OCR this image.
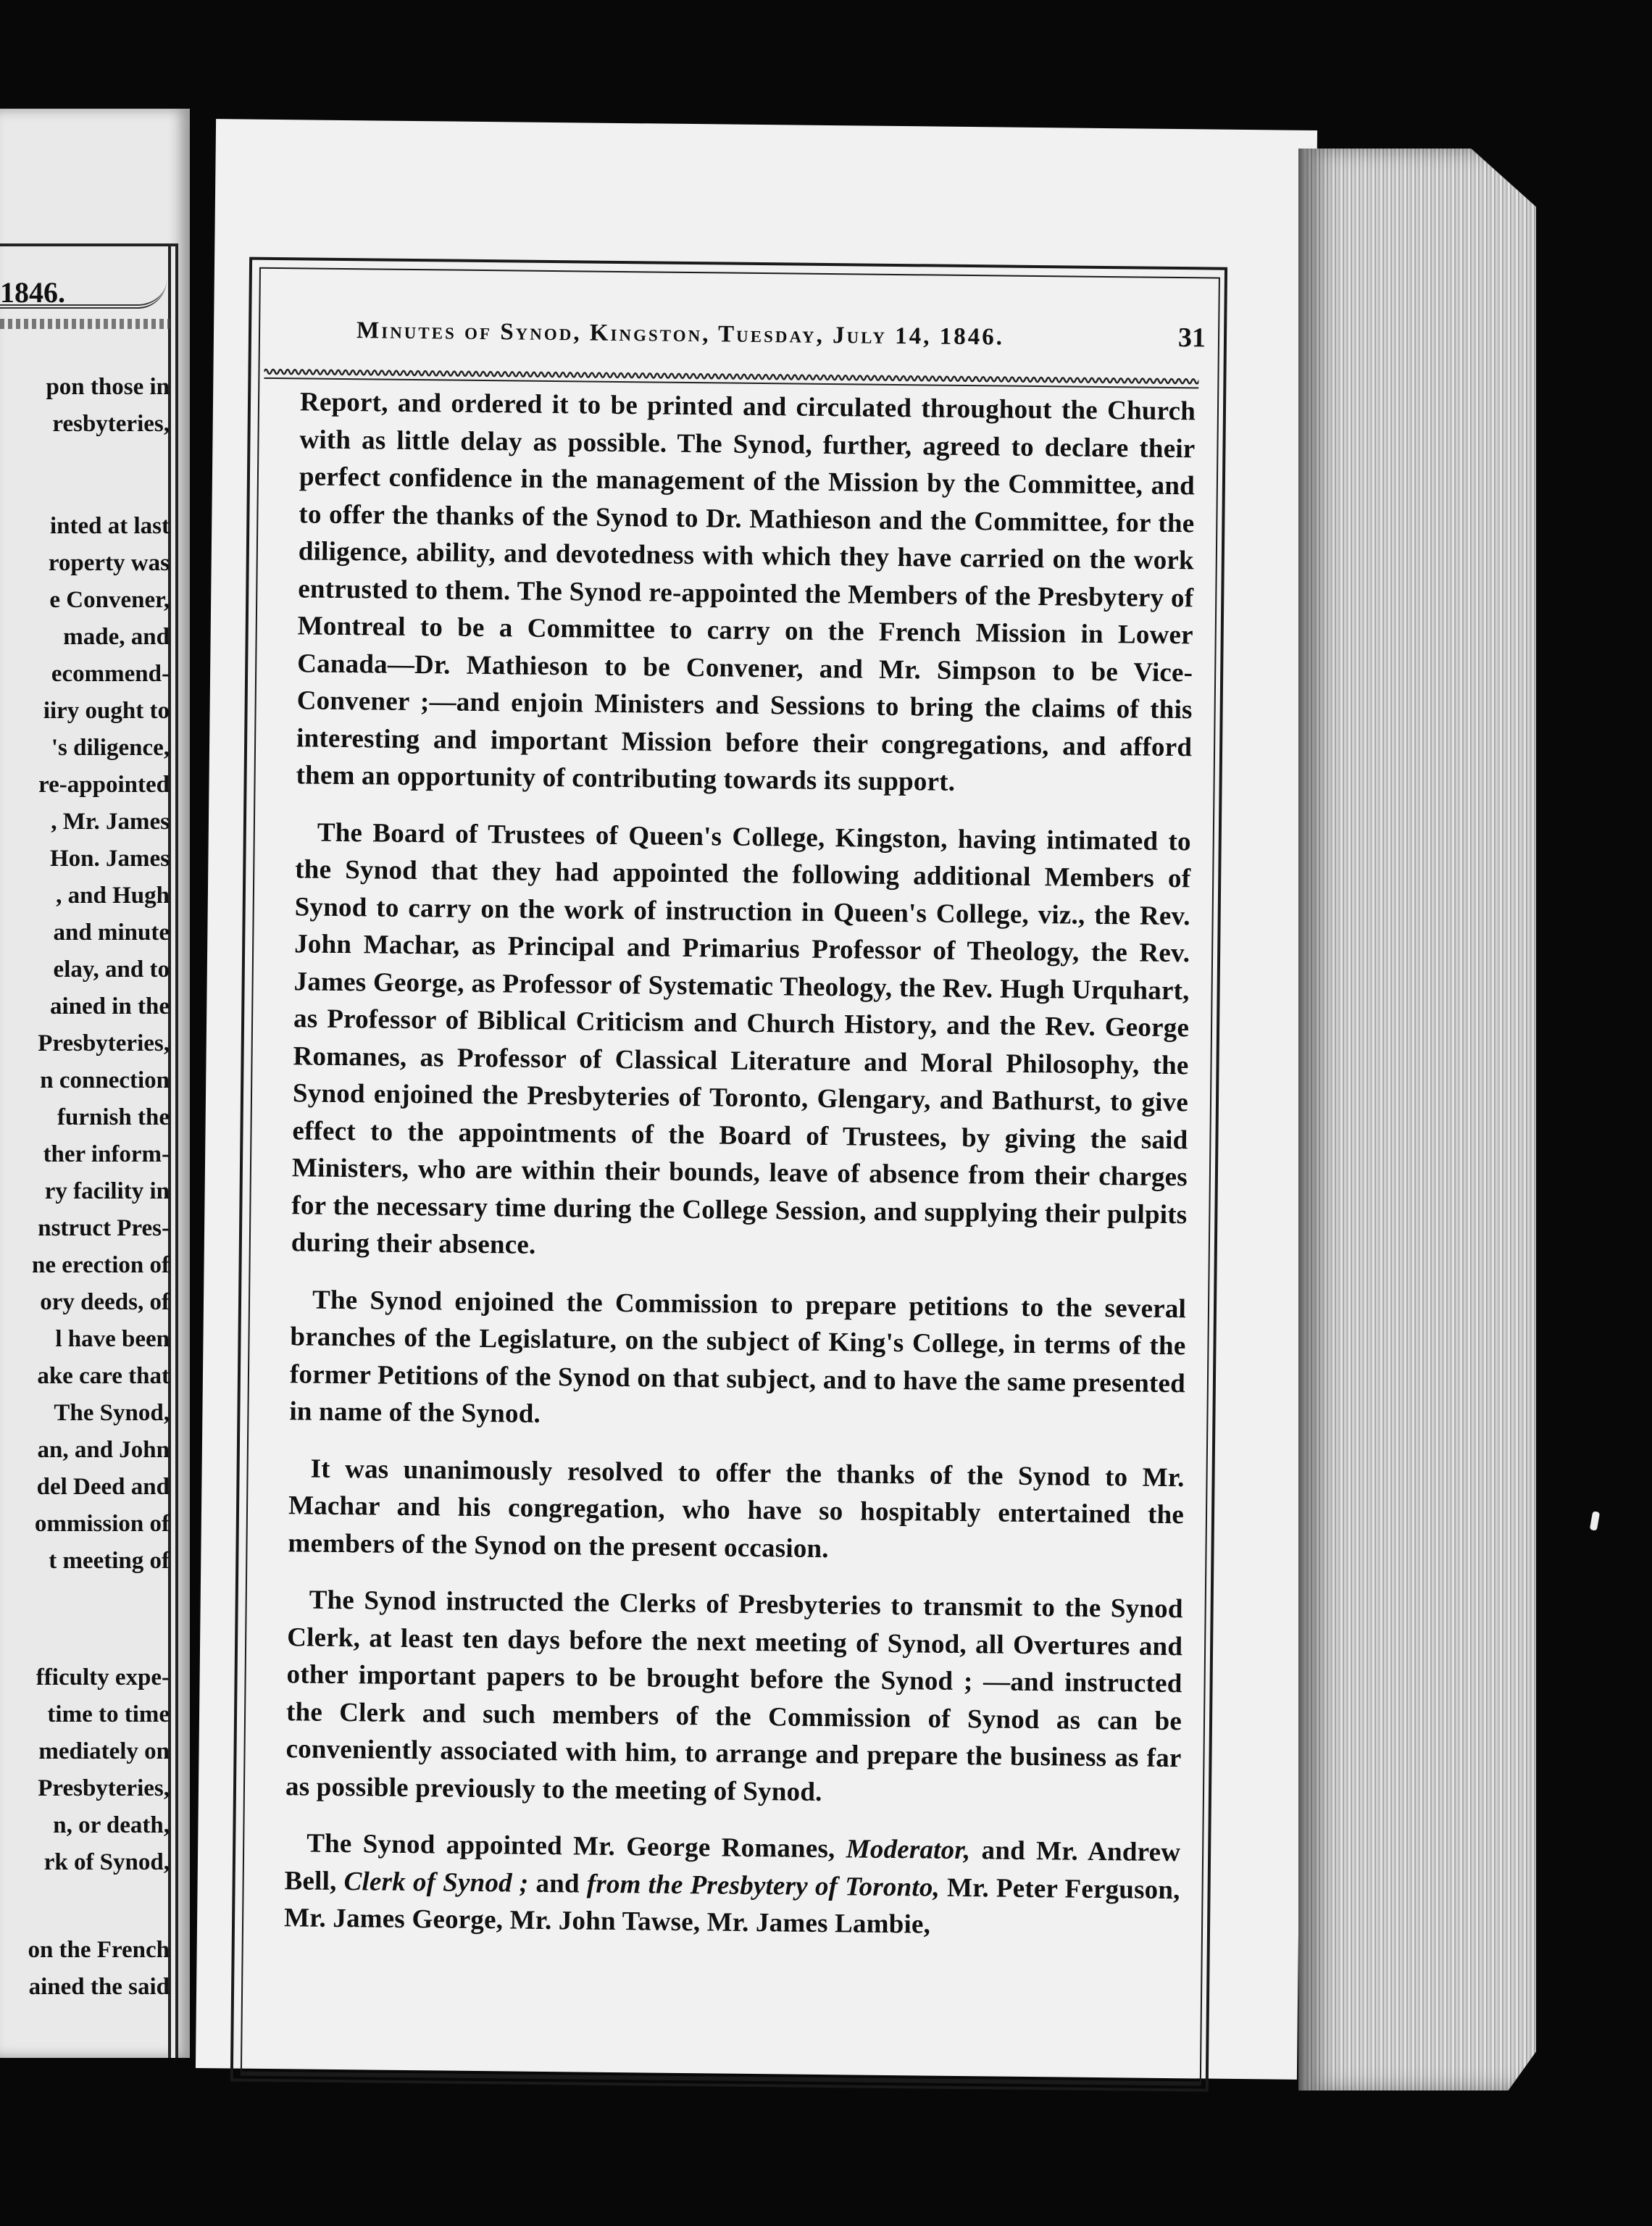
1846.
pon those in
resbyteries,
inted at last
roperty was
e Convener,
made, and
ecommend-
iiry ought to
's diligence,
re-appointed
, Mr. James
Hon. James
, and Hugh
and minute
elay, and to
ained in the
Presbyteries,
n connection
furnish the
ther inform-
ry facility in
nstruct Pres-
ne erection of
ory deeds, of
l have been
ake care that
The Synod,
an, and John
del Deed and
ommission of
t meeting of
fficulty expe-
time to time
mediately on
Presbyteries,
n, or death,
rk of Synod,
on the French
ained the said
Minutes of Synod, Kingston, Tuesday, July 14, 1846.	31

Report, and ordered it to be printed and circulated throughout the Church with as little delay as possible. The Synod, further, agreed to declare their perfect confidence in the management of the Mission by the Committee, and to offer the thanks of the Synod to Dr. Mathieson and the Committee, for the diligence, ability, and devotedness with which they have carried on the work entrusted to them. The Synod re-appointed the Members of the Presbytery of Montreal to be a Committee to carry on the French Mission in Lower Canada—Dr. Mathieson to be Convener, and Mr. Simpson to be Vice-Convener ;—and enjoin Ministers and Sessions to bring the claims of this interesting and important Mission before their congregations, and afford them an opportunity of contributing towards its support.

The Board of Trustees of Queen's College, Kingston, having intimated to the Synod that they had appointed the following additional Members of Synod to carry on the work of instruction in Queen's College, viz., the Rev. John Machar, as Principal and Primarius Professor of Theology, the Rev. James George, as Professor of Systematic Theology, the Rev. Hugh Urquhart, as Professor of Biblical Criticism and Church History, and the Rev. George Romanes, as Professor of Classical Literature and Moral Philosophy, the Synod enjoined the Presbyteries of Toronto, Glengary, and Bathurst, to give effect to the appointments of the Board of Trustees, by giving the said Ministers, who are within their bounds, leave of absence from their charges for the necessary time during the College Session, and supplying their pulpits during their absence.

The Synod enjoined the Commission to prepare petitions to the several branches of the Legislature, on the subject of King's College, in terms of the former Petitions of the Synod on that subject, and to have the same presented in name of the Synod.

It was unanimously resolved to offer the thanks of the Synod to Mr. Machar and his congregation, who have so hospitably entertained the members of the Synod on the present occasion.

The Synod instructed the Clerks of Presbyteries to transmit to the Synod Clerk, at least ten days before the next meeting of Synod, all Overtures and other important papers to be brought before the Synod ; —and instructed the Clerk and such members of the Commission of Synod as can be conveniently associated with him, to arrange and prepare the business as far as possible previously to the meeting of Synod.

The Synod appointed Mr. George Romanes, Moderator, and Mr. Andrew Bell, Clerk of Synod ; and from the Presbytery of Toronto, Mr. Peter Ferguson, Mr. James George, Mr. John Tawse, Mr. James Lambie,
